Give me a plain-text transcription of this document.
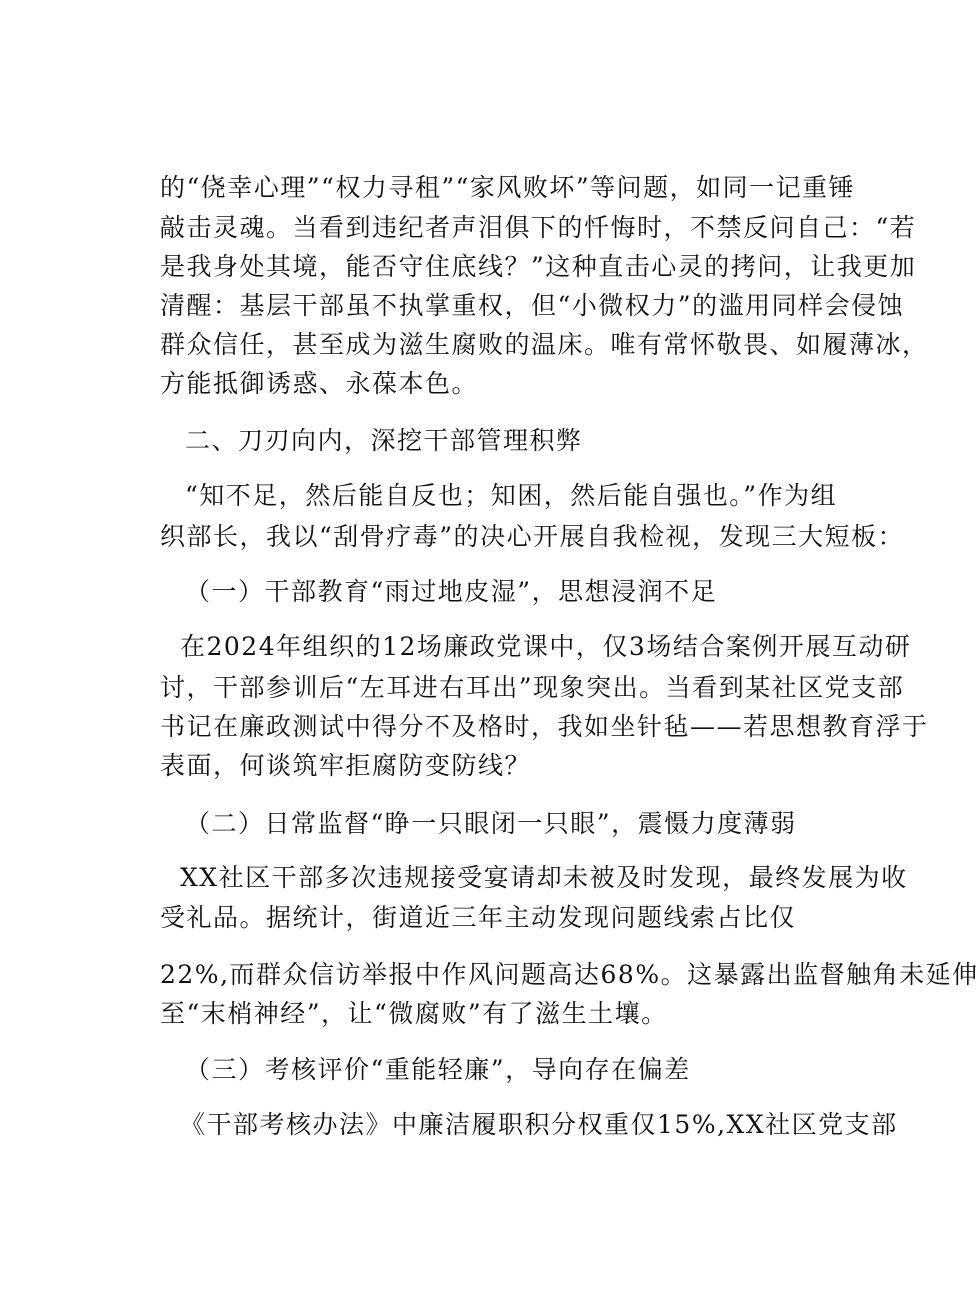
的“侥幸心理”“权力寻租”“家风败坏”等问题，如同一记重锤
敲击灵魂。当看到违纪者声泪俱下的忏悔时，不禁反问自己：“若
是我身处其境，能否守住底线？”这种直击心灵的拷问，让我更加
清醒：基层干部虽不执掌重权，但“小微权力”的滥用同样会侵蚀
群众信任，甚至成为滋生腐败的温床。唯有常怀敬畏、如履薄冰，
方能抵御诱惑、永葆本色。
二、刀刃向内，深挖干部管理积弊
“知不足，然后能自反也；知困，然后能自强也。”作为组
织部长，我以“刮骨疗毒”的决心开展自我检视，发现三大短板：
（一）干部教育“雨过地皮湿”，思想浸润不足
在2024年组织的12场廉政党课中，仅3场结合案例开展互动研
讨，干部参训后“左耳进右耳出”现象突出。当看到某社区党支部
书记在廉政测试中得分不及格时，我如坐针毡——若思想教育浮于
表面，何谈筑牢拒腐防变防线？
（二）日常监督“睁一只眼闭一只眼”，震慑力度薄弱
XX社区干部多次违规接受宴请却未被及时发现，最终发展为收
受礼品。据统计，街道近三年主动发现问题线索占比仅
22%,而群众信访举报中作风问题高达68%。这暴露出监督触角未延伸
至“末梢神经”，让“微腐败”有了滋生土壤。
（三）考核评价“重能轻廉”，导向存在偏差
《干部考核办法》中廉洁履职积分权重仅15%,XX社区党支部
